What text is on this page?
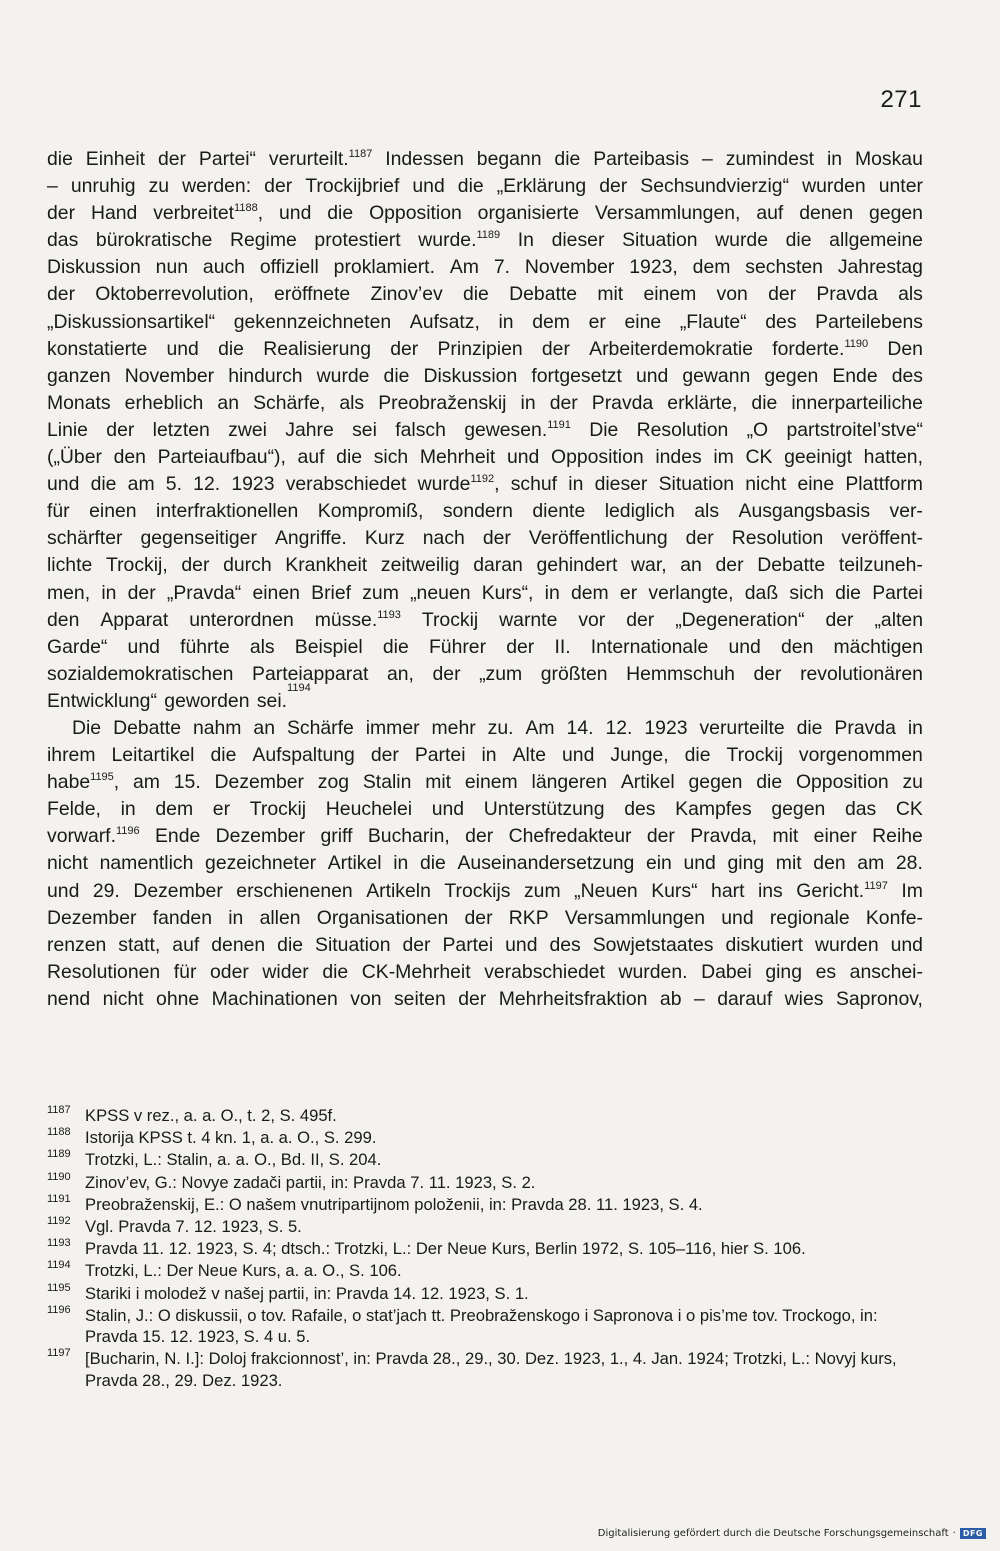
271
die Einheit der Partei“ verurteilt.$^{1187}$ Indessen begann die Parteibasis – zumindest in Moskau
– unruhig zu werden: der Trockijbrief und die „Erklärung der Sechsundvierzig“ wurden unter
der Hand verbreitet$^{1188}$, und die Opposition organisierte Versammlungen, auf denen gegen
das bürokratische Regime protestiert wurde.$^{1189}$ In dieser Situation wurde die allgemeine
Diskussion nun auch offiziell proklamiert. Am 7. November 1923, dem sechsten Jahrestag
der Oktoberrevolution, eröffnete Zinov’ev die Debatte mit einem von der Pravda als
„Diskussionsartikel“ gekennzeichneten Aufsatz, in dem er eine „Flaute“ des Parteilebens
konstatierte und die Realisierung der Prinzipien der Arbeiterdemokratie forderte.$^{1190}$ Den
ganzen November hindurch wurde die Diskussion fortgesetzt und gewann gegen Ende des
Monats erheblich an Schärfe, als Preobraženskij in der Pravda erklärte, die innerparteiliche
Linie der letzten zwei Jahre sei falsch gewesen.$^{1191}$ Die Resolution „O partstroitel’stve“
(„Über den Parteiaufbau“), auf die sich Mehrheit und Opposition indes im CK geeinigt hatten,
und die am 5. 12. 1923 verabschiedet wurde$^{1192}$, schuf in dieser Situation nicht eine Plattform
für einen interfraktionellen Kompromiß, sondern diente lediglich als Ausgangsbasis ver-
schärfter gegenseitiger Angriffe. Kurz nach der Veröffentlichung der Resolution veröffent-
lichte Trockij, der durch Krankheit zeitweilig daran gehindert war, an der Debatte teilzuneh-
men, in der „Pravda“ einen Brief zum „neuen Kurs“, in dem er verlangte, daß sich die Partei
den Apparat unterordnen müsse.$^{1193}$ Trockij warnte vor der „Degeneration“ der „alten
Garde“ und führte als Beispiel die Führer der II. Internationale und den mächtigen
sozialdemokratischen Parteiapparat an, der „zum größten Hemmschuh der revolutionären
Entwicklung“ geworden sei.
1194
Die Debatte nahm an Schärfe immer mehr zu. Am 14. 12. 1923 verurteilte die Pravda in
ihrem Leitartikel die Aufspaltung der Partei in Alte und Junge, die Trockij vorgenommen
habe$^{1195}$, am 15. Dezember zog Stalin mit einem längeren Artikel gegen die Opposition zu
Felde, in dem er Trockij Heuchelei und Unterstützung des Kampfes gegen das CK
vorwarf.$^{1196}$ Ende Dezember griff Bucharin, der Chefredakteur der Pravda, mit einer Reihe
nicht namentlich gezeichneter Artikel in die Auseinandersetzung ein und ging mit den am 28.
und 29. Dezember erschienenen Artikeln Trockijs zum „Neuen Kurs“ hart ins Gericht.$^{1197}$ Im
Dezember fanden in allen Organisationen der RKP Versammlungen und regionale Konfe-
renzen statt, auf denen die Situation der Partei und des Sowjetstaates diskutiert wurden und
Resolutionen für oder wider die CK-Mehrheit verabschiedet wurden. Dabei ging es anschei-
nend nicht ohne Machinationen von seiten der Mehrheitsfraktion ab – darauf wies Sapronov,
1187 KPSS v rez., a. a. O., t. 2, S. 495f.
1188 Istorija KPSS t. 4 kn. 1, a. a. O., S. 299.
1189 Trotzki, L.: Stalin, a. a. O., Bd. II, S. 204.
1190 Zinov’ev, G.: Novye zadači partii, in: Pravda 7. 11. 1923, S. 2.
1191 Preobraženskij, E.: O našem vnutripartijnom položenii, in: Pravda 28. 11. 1923, S. 4.
1192 Vgl. Pravda 7. 12. 1923, S. 5.
1193 Pravda 11. 12. 1923, S. 4; dtsch.: Trotzki, L.: Der Neue Kurs, Berlin 1972, S. 105–116, hier S. 106.
1194 Trotzki, L.: Der Neue Kurs, a. a. O., S. 106.
1195 Stariki i molodež v našej partii, in: Pravda 14. 12. 1923, S. 1.
1196 Stalin, J.: O diskussii, o tov. Rafaile, o stat’jach tt. Preobraženskogo i Sapronova i o pis’me tov. Trockogo, in: Pravda 15. 12. 1923, S. 4 u. 5.
1197 [Bucharin, N. I.]: Doloj frakcionnost’, in: Pravda 28., 29., 30. Dez. 1923, 1., 4. Jan. 1924; Trotzki, L.: Novyj kurs, Pravda 28., 29. Dez. 1923.
Digitalisierung gefördert durch die Deutsche Forschungsgemeinschaft · DFG
